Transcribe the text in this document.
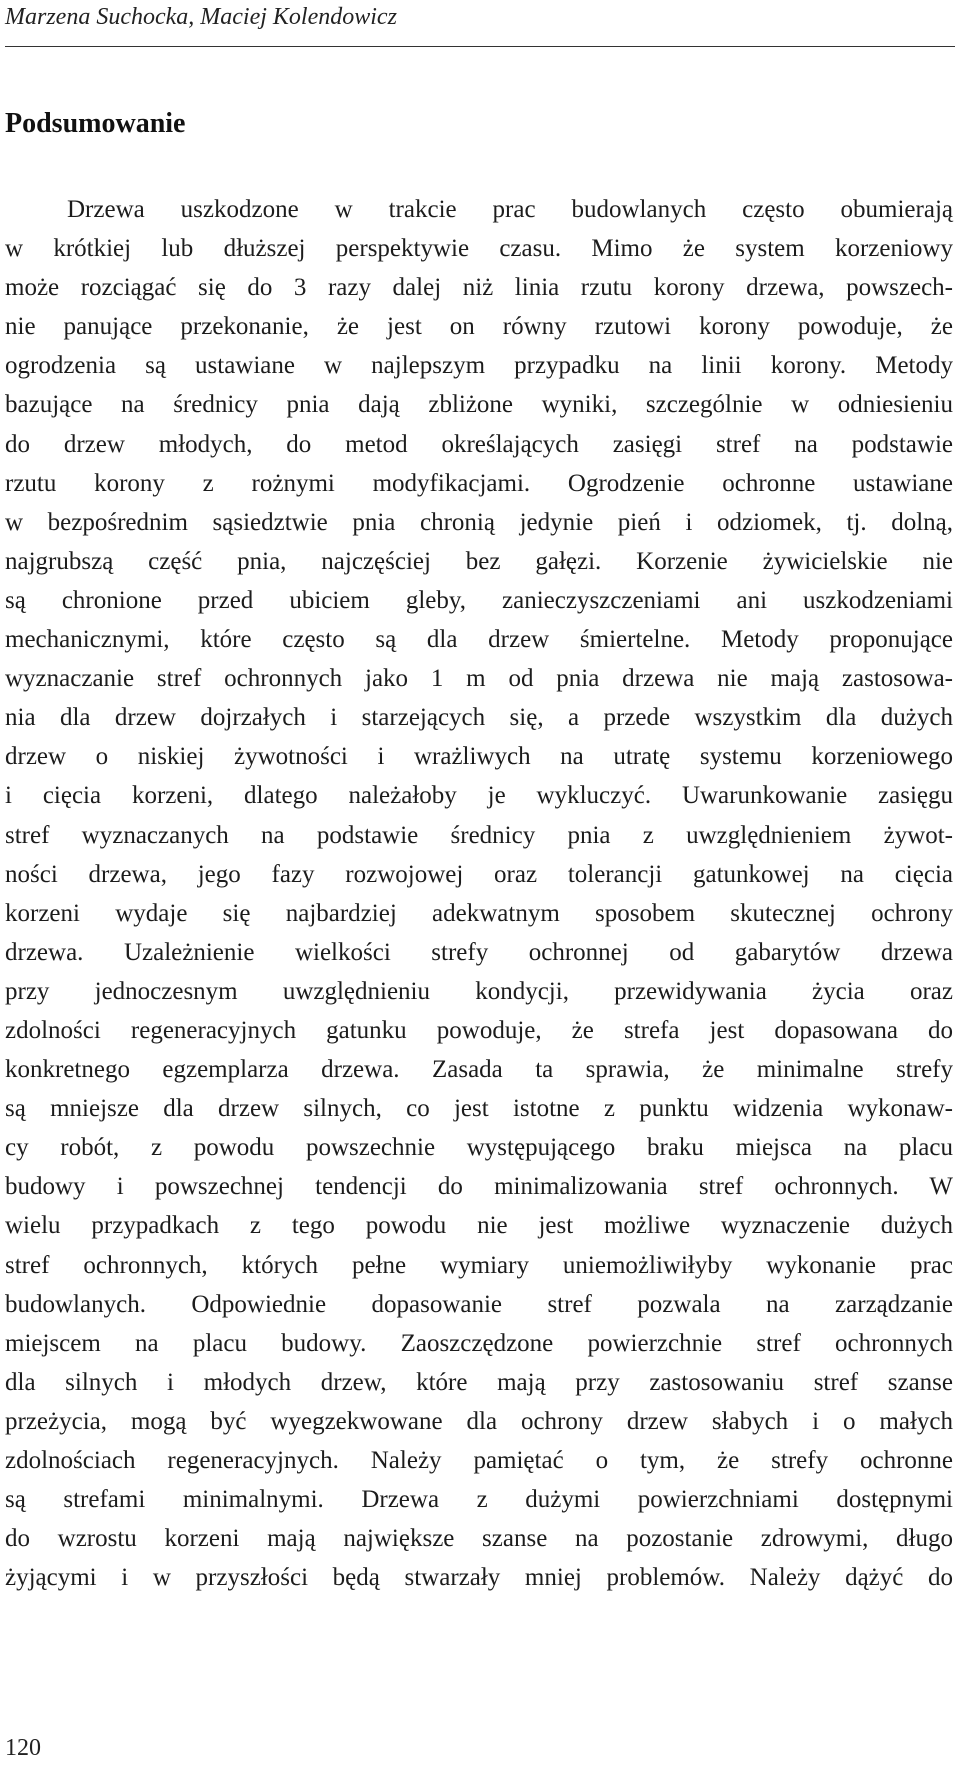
Marzena Suchocka, Maciej Kolendowicz
Podsumowanie
Drzewa uszkodzone w trakcie prac budowlanych często obumierają
w krótkiej lub dłuższej perspektywie czasu. Mimo że system korzeniowy
może rozciągać się do 3 razy dalej niż linia rzutu korony drzewa, powszech-
nie panujące przekonanie, że jest on równy rzutowi korony powoduje, że
ogrodzenia są ustawiane w najlepszym przypadku na linii korony. Metody
bazujące na średnicy pnia dają zbliżone wyniki, szczególnie w odniesieniu
do drzew młodych, do metod określających zasięgi stref na podstawie
rzutu korony z rożnymi modyfikacjami. Ogrodzenie ochronne ustawiane
w bezpośrednim sąsiedztwie pnia chronią jedynie pień i odziomek, tj. dolną,
najgrubszą część pnia, najczęściej bez gałęzi. Korzenie żywicielskie nie
są chronione przed ubiciem gleby, zanieczyszczeniami ani uszkodzeniami
mechanicznymi, które często są dla drzew śmiertelne. Metody proponujące
wyznaczanie stref ochronnych jako 1 m od pnia drzewa nie mają zastosowa-
nia dla drzew dojrzałych i starzejących się, a przede wszystkim dla dużych
drzew o niskiej żywotności i wrażliwych na utratę systemu korzeniowego
i cięcia korzeni, dlatego należałoby je wykluczyć. Uwarunkowanie zasięgu
stref wyznaczanych na podstawie średnicy pnia z uwzględnieniem żywot-
ności drzewa, jego fazy rozwojowej oraz tolerancji gatunkowej na cięcia
korzeni wydaje się najbardziej adekwatnym sposobem skutecznej ochrony
drzewa. Uzależnienie wielkości strefy ochronnej od gabarytów drzewa
przy jednoczesnym uwzględnieniu kondycji, przewidywania życia oraz
zdolności regeneracyjnych gatunku powoduje, że strefa jest dopasowana do
konkretnego egzemplarza drzewa. Zasada ta sprawia, że minimalne strefy
są mniejsze dla drzew silnych, co jest istotne z punktu widzenia wykonaw-
cy robót, z powodu powszechnie występującego braku miejsca na placu
budowy i powszechnej tendencji do minimalizowania stref ochronnych. W
wielu przypadkach z tego powodu nie jest możliwe wyznaczenie dużych
stref ochronnych, których pełne wymiary uniemożliwiłyby wykonanie prac
budowlanych. Odpowiednie dopasowanie stref pozwala na zarządzanie
miejscem na placu budowy. Zaoszczędzone powierzchnie stref ochronnych
dla silnych i młodych drzew, które mają przy zastosowaniu stref szanse
przeżycia, mogą być wyegzekwowane dla ochrony drzew słabych i o małych
zdolnościach regeneracyjnych. Należy pamiętać o tym, że strefy ochronne
są strefami minimalnymi. Drzewa z dużymi powierzchniami dostępnymi
do wzrostu korzeni mają największe szanse na pozostanie zdrowymi, długo
żyjącymi i w przyszłości będą stwarzały mniej problemów. Należy dążyć do
120
